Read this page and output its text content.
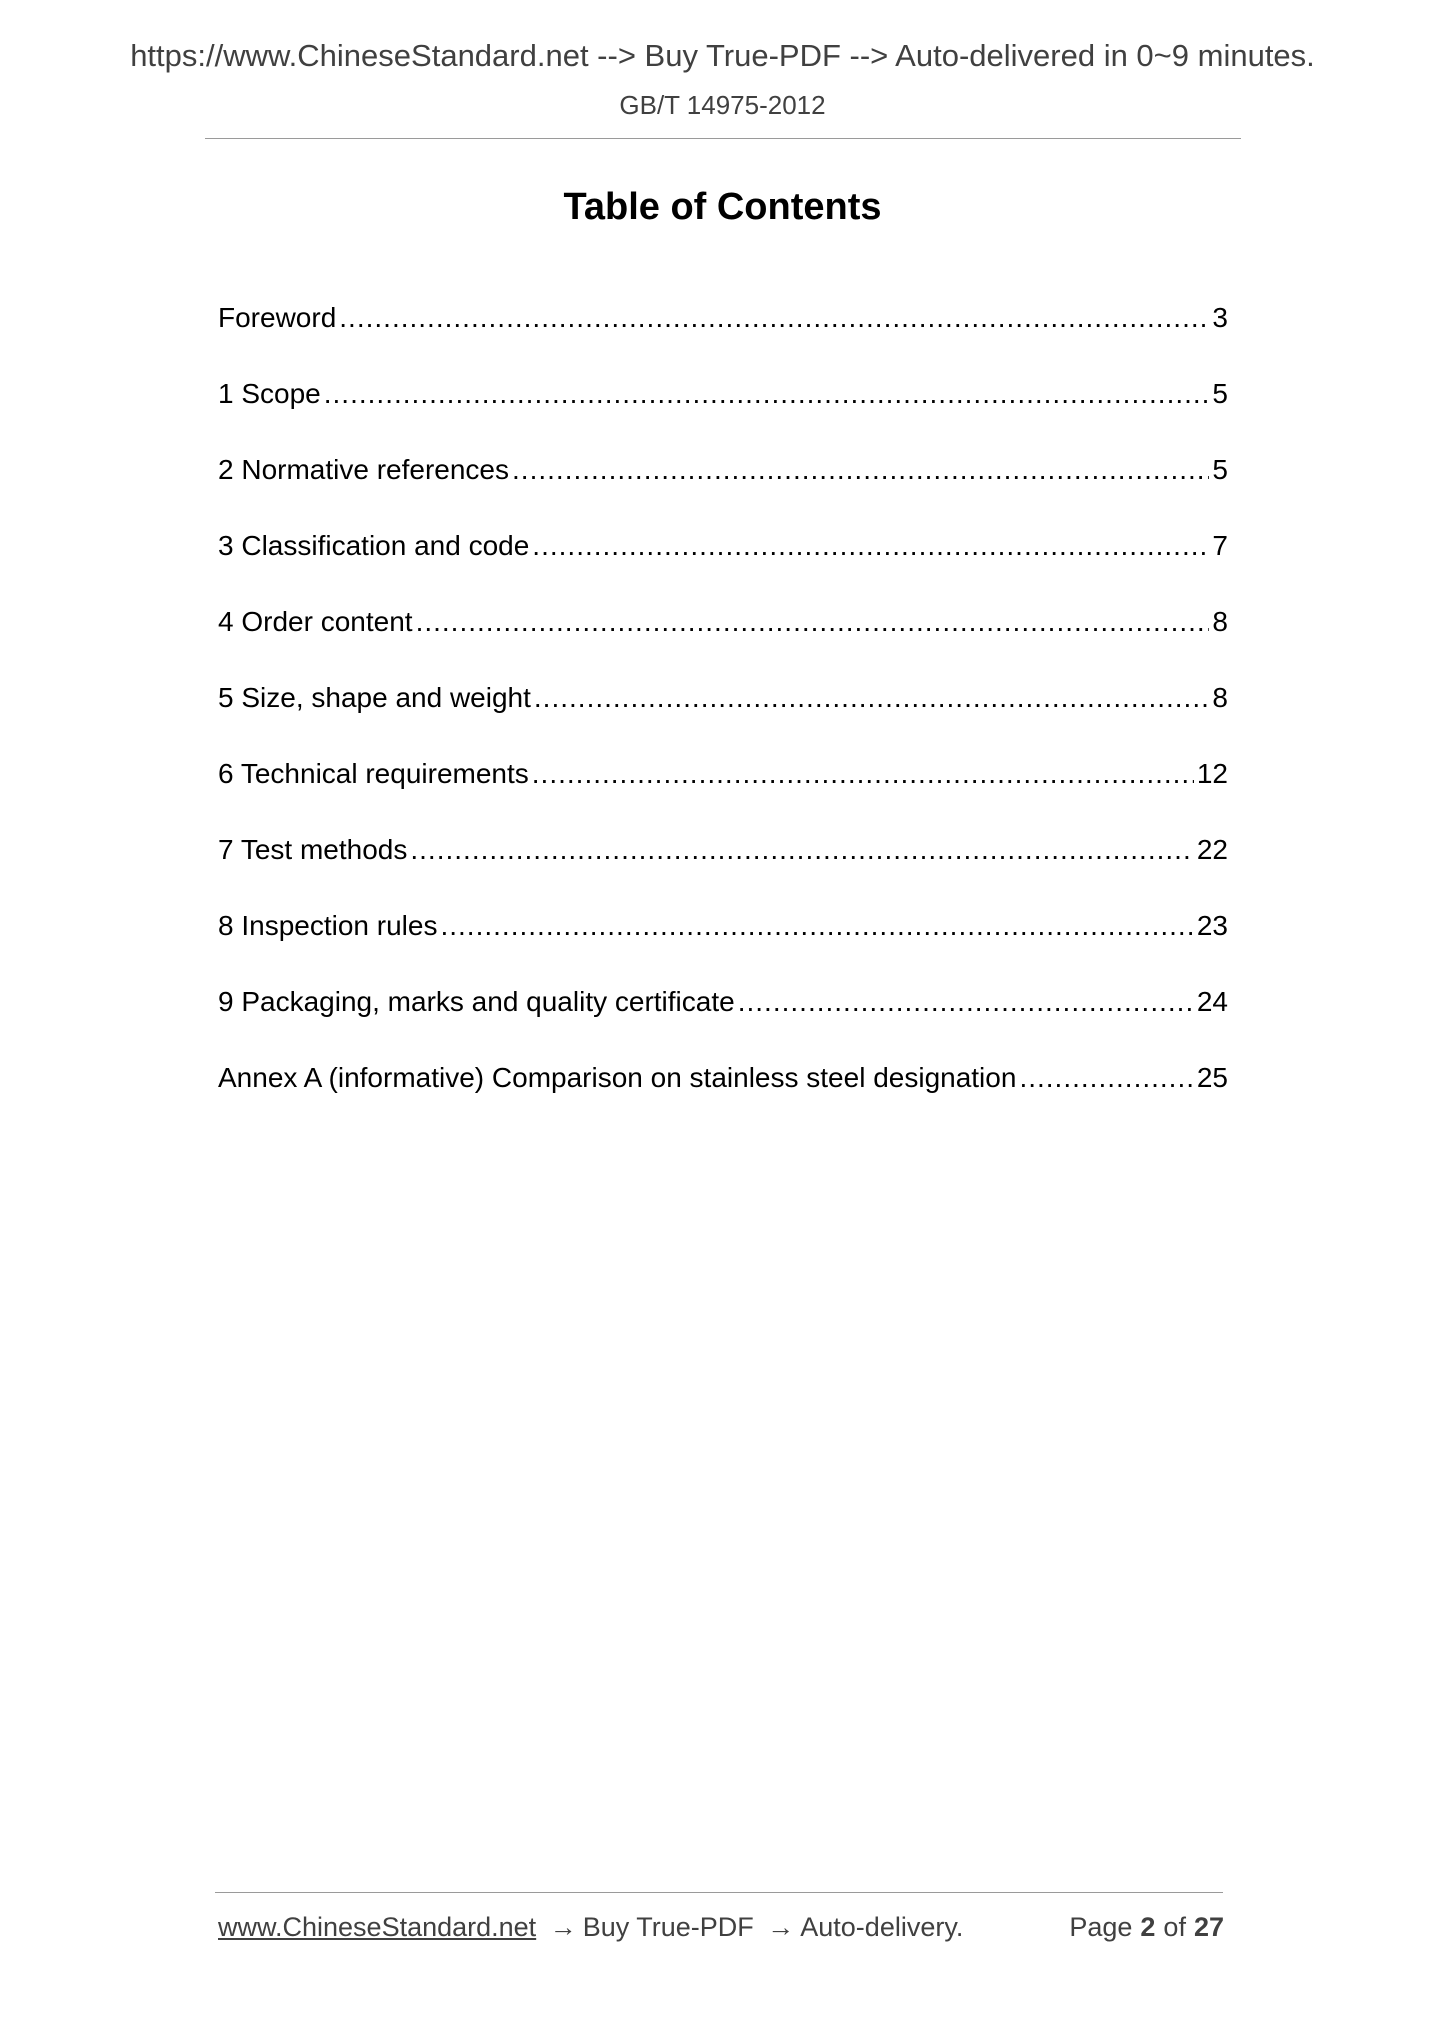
https://www.ChineseStandard.net --> Buy True-PDF --> Auto-delivered in 0~9 minutes.
GB/T 14975-2012
Table of Contents
Foreword .....	3
1 Scope .....	5
2 Normative references .....	5
3 Classification and code .....	7
4 Order content .....	8
5 Size, shape and weight .....	8
6 Technical requirements .....	12
7 Test methods .....	22
8 Inspection rules .....	23
9 Packaging, marks and quality certificate .....	24
Annex A (informative) Comparison on stainless steel designation .....	25
www.ChineseStandard.net → Buy True-PDF → Auto-delivery.	Page 2 of 27
